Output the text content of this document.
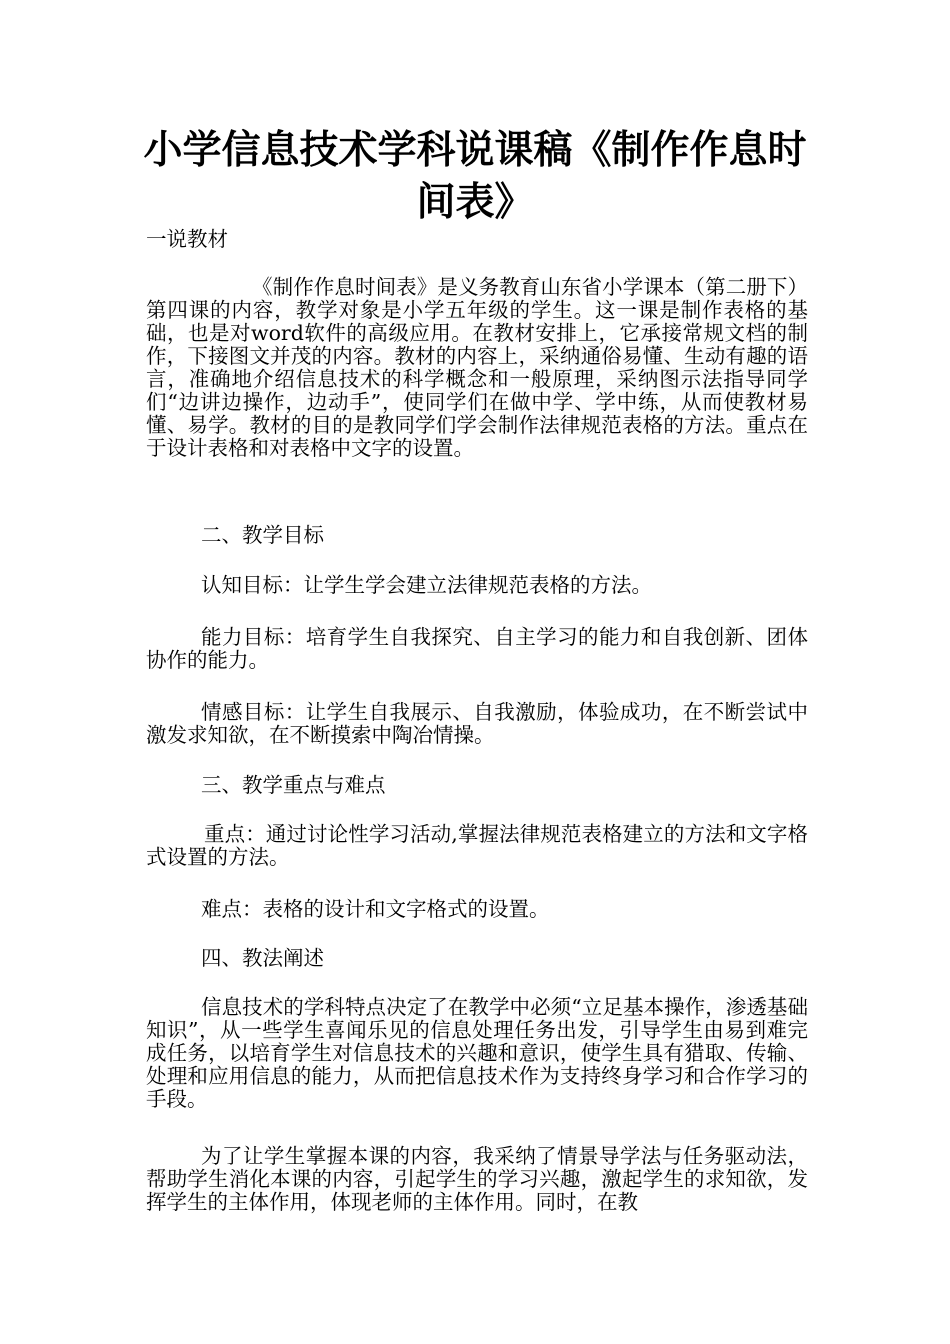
小学信息技术学科说课稿《制作作息时间表》

一说教材

《制作作息时间表》是义务教育山东省小学课本（第二册下）第四课的内容，教学对象是小学五年级的学生。这一课是制作表格的基础，也是对word软件的高级应用。在教材安排上，它承接常规文档的制作，下接图文并茂的内容。教材的内容上，采纳通俗易懂、生动有趣的语言，准确地介绍信息技术的科学概念和一般原理，采纳图示法指导同学们“边讲边操作，边动手”，使同学们在做中学、学中练，从而使教材易懂、易学。教材的目的是教同学们学会制作法律规范表格的方法。重点在于设计表格和对表格中文字的设置。

二、教学目标

认知目标：让学生学会建立法律规范表格的方法。

能力目标：培育学生自我探究、自主学习的能力和自我创新、团体协作的能力。

情感目标：让学生自我展示、自我激励，体验成功，在不断尝试中激发求知欲，在不断摸索中陶冶情操。

三、教学重点与难点

重点：通过讨论性学习活动,掌握法律规范表格建立的方法和文字格式设置的方法。

难点：表格的设计和文字格式的设置。

四、教法阐述

信息技术的学科特点决定了在教学中必须“立足基本操作，渗透基础知识”，从一些学生喜闻乐见的信息处理任务出发，引导学生由易到难完成任务，以培育学生对信息技术的兴趣和意识，使学生具有猎取、传输、处理和应用信息的能力，从而把信息技术作为支持终身学习和合作学习的手段。

为了让学生掌握本课的内容，我采纳了情景导学法与任务驱动法，帮助学生消化本课的内容，引起学生的学习兴趣，激起学生的求知欲，发挥学生的主体作用，体现老师的主体作用。同时，在教
